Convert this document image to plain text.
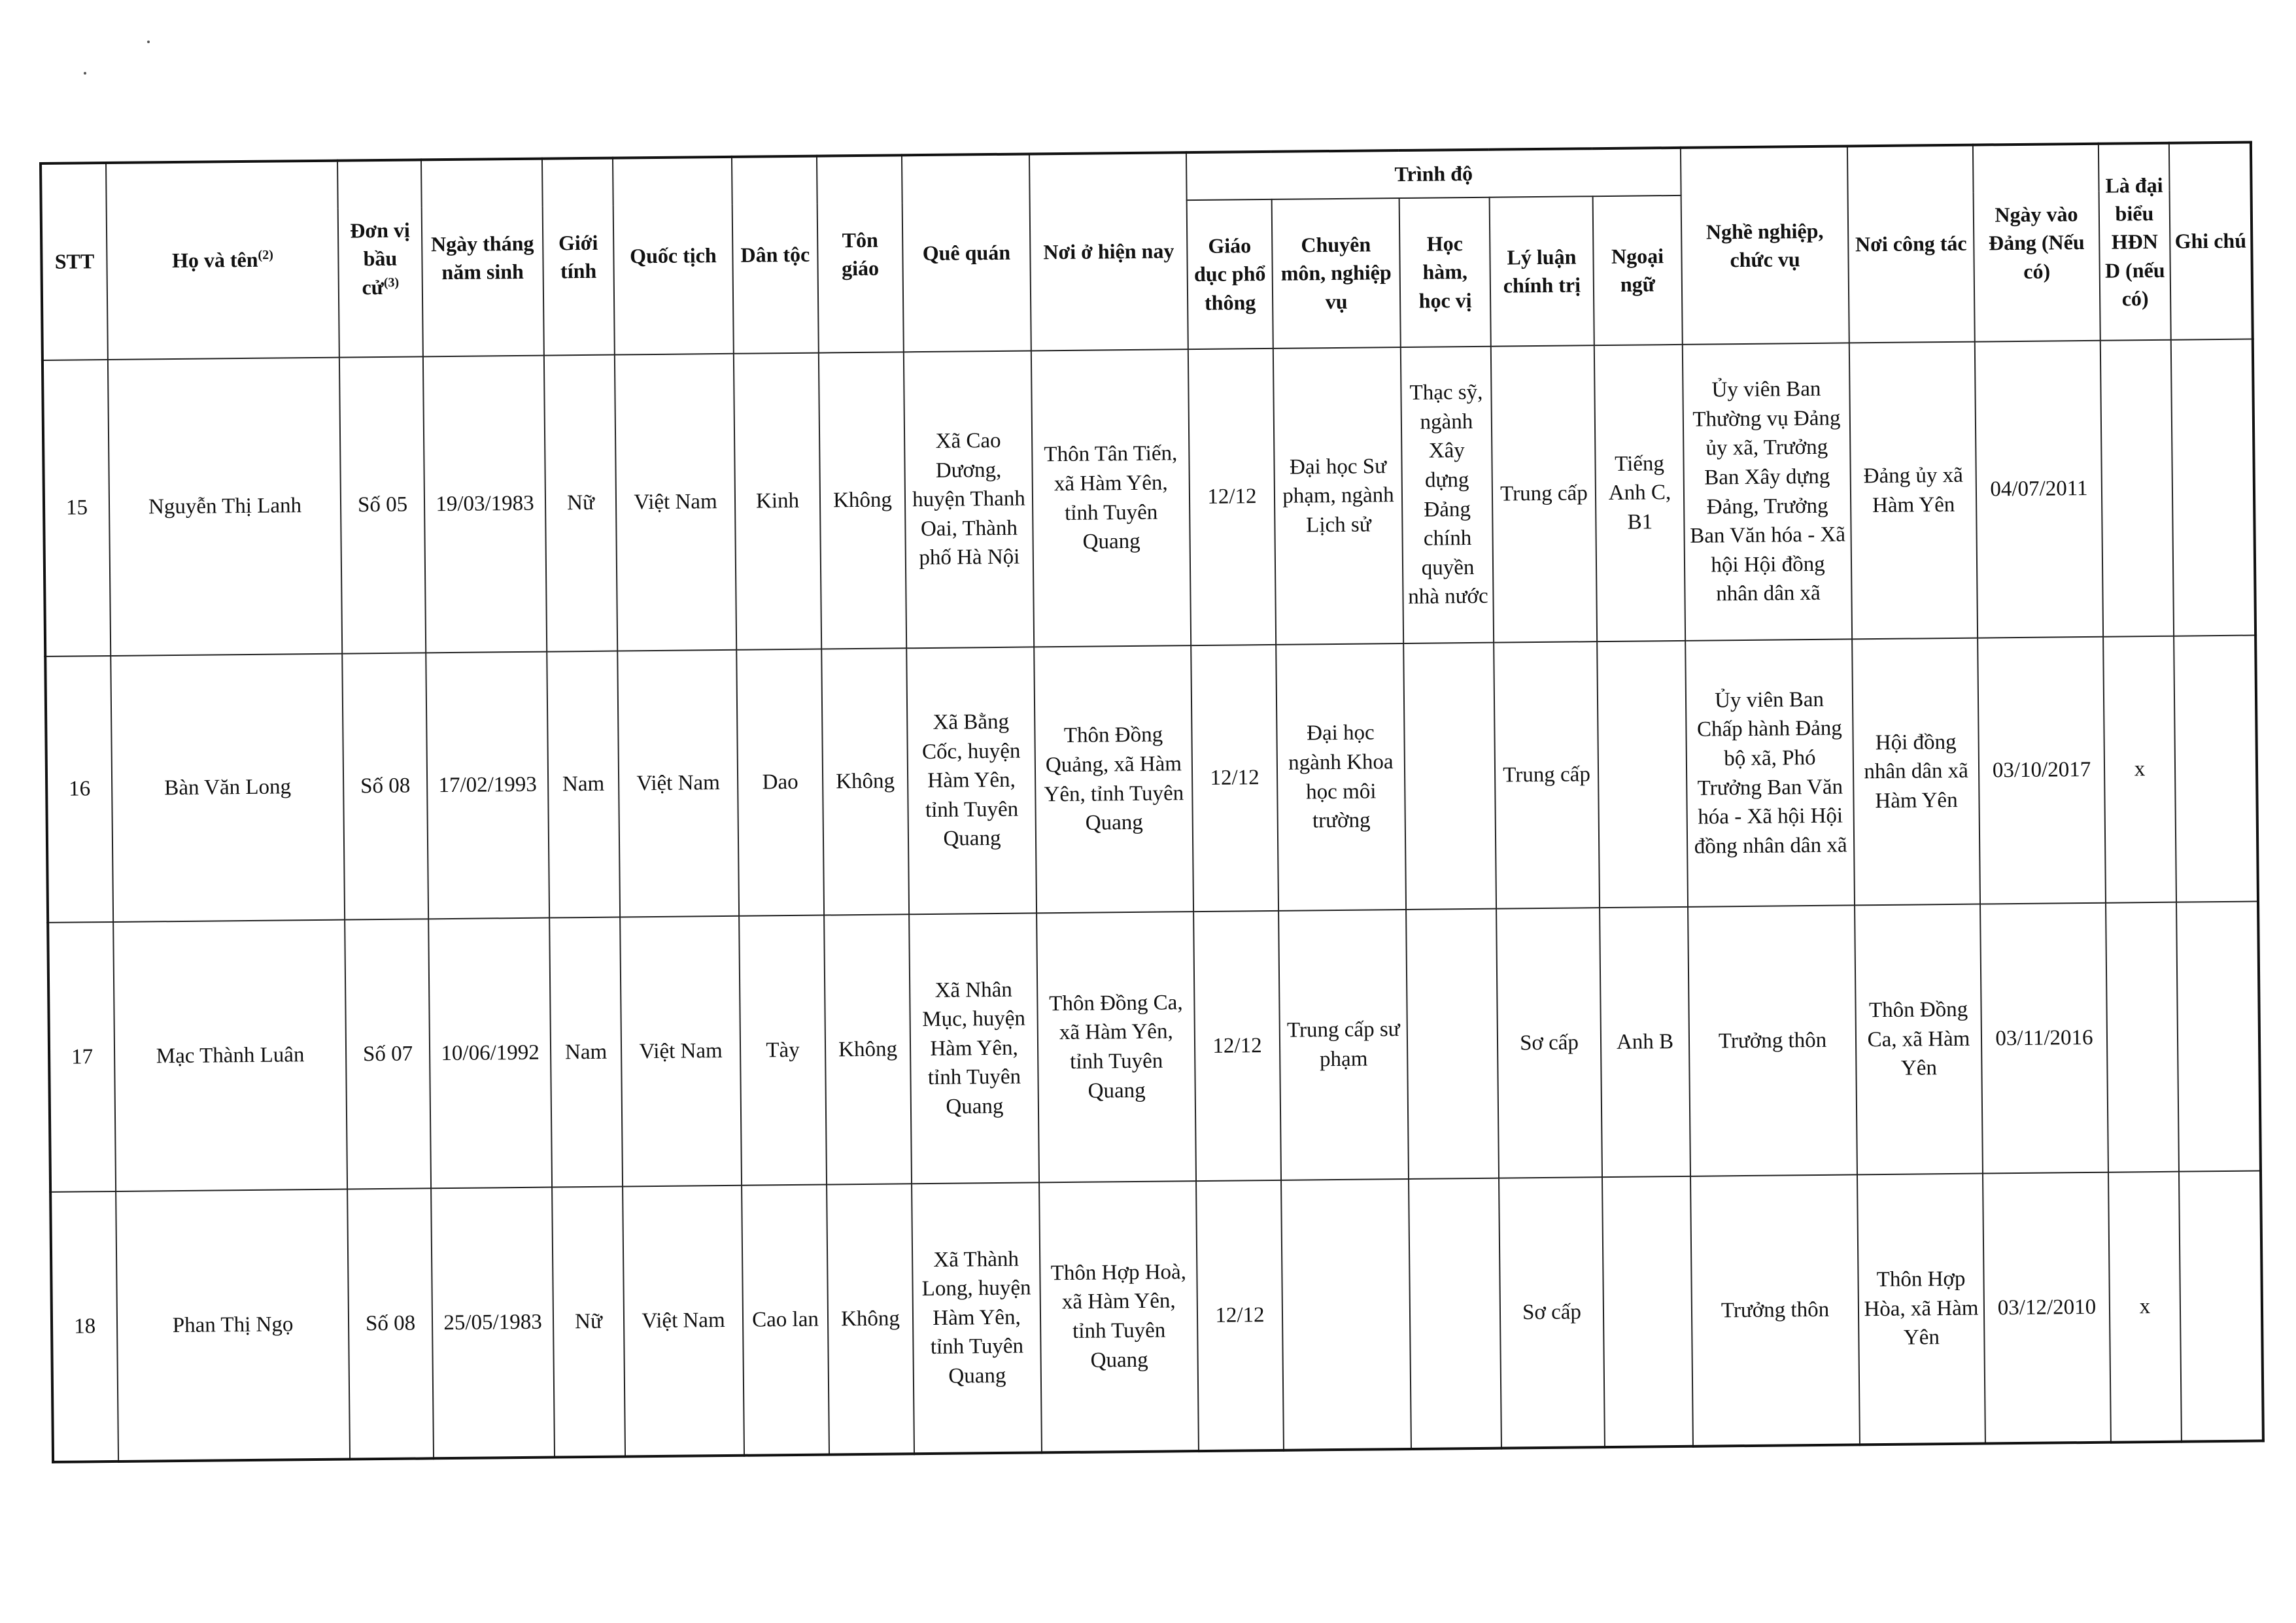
STT	Họ và tên$^{(2)}$	Đơn vị bầu cử$^{(3)}$	Ngày tháng năm sinh	Giới tính	Quốc tịch	Dân tộc	Tôn giáo	Quê quán	Nơi ở hiện nay	Trình độ					Nghề nghiệp, chức vụ	Nơi công tác	Ngày vào Đảng (Nếu có)	Là đại biểu HĐND (nếu có)	Ghi chú
										Giáo dục phổ thông	Chuyên môn, nghiệp vụ	Học hàm, học vị	Lý luận chính trị	Ngoại ngữ					
15	Nguyễn Thị Lanh	Số 05	19/03/1983	Nữ	Việt Nam	Kinh	Không	Xã Cao Dương, huyện Thanh Oai, Thành phố Hà Nội	Thôn Tân Tiến, xã Hàm Yên, tỉnh Tuyên Quang	12/12	Đại học Sư phạm, ngành Lịch sử	Thạc sỹ, ngành Xây dựng Đảng chính quyền nhà nước	Trung cấp	Tiếng Anh C, B1	Ủy viên Ban Thường vụ Đảng ủy xã, Trưởng Ban Xây dựng Đảng, Trưởng Ban Văn hóa - Xã hội Hội đồng nhân dân xã	Đảng ủy xã Hàm Yên	04/07/2011		
16	Bàn Văn Long	Số 08	17/02/1993	Nam	Việt Nam	Dao	Không	Xã Bằng Cốc, huyện Hàm Yên, tỉnh Tuyên Quang	Thôn Đồng Quảng, xã Hàm Yên, tỉnh Tuyên Quang	12/12	Đại học ngành Khoa học môi trường		Trung cấp		Ủy viên Ban Chấp hành Đảng bộ xã, Phó Trưởng Ban Văn hóa - Xã hội Hội đồng nhân dân xã	Hội đồng nhân dân xã Hàm Yên	03/10/2017	x	
17	Mạc Thành Luân	Số 07	10/06/1992	Nam	Việt Nam	Tày	Không	Xã Nhân Mục, huyện Hàm Yên, tỉnh Tuyên Quang	Thôn Đồng Ca, xã Hàm Yên, tỉnh Tuyên Quang	12/12	Trung cấp sư phạm		Sơ cấp	Anh B	Trưởng thôn	Thôn Đồng Ca, xã Hàm Yên	03/11/2016		
18	Phan Thị Ngọ	Số 08	25/05/1983	Nữ	Việt Nam	Cao lan	Không	Xã Thành Long, huyện Hàm Yên, tỉnh Tuyên Quang	Thôn Hợp Hoà, xã Hàm Yên, tỉnh Tuyên Quang	12/12			Sơ cấp		Trưởng thôn	Thôn Hợp Hòa, xã Hàm Yên	03/12/2010	x	
